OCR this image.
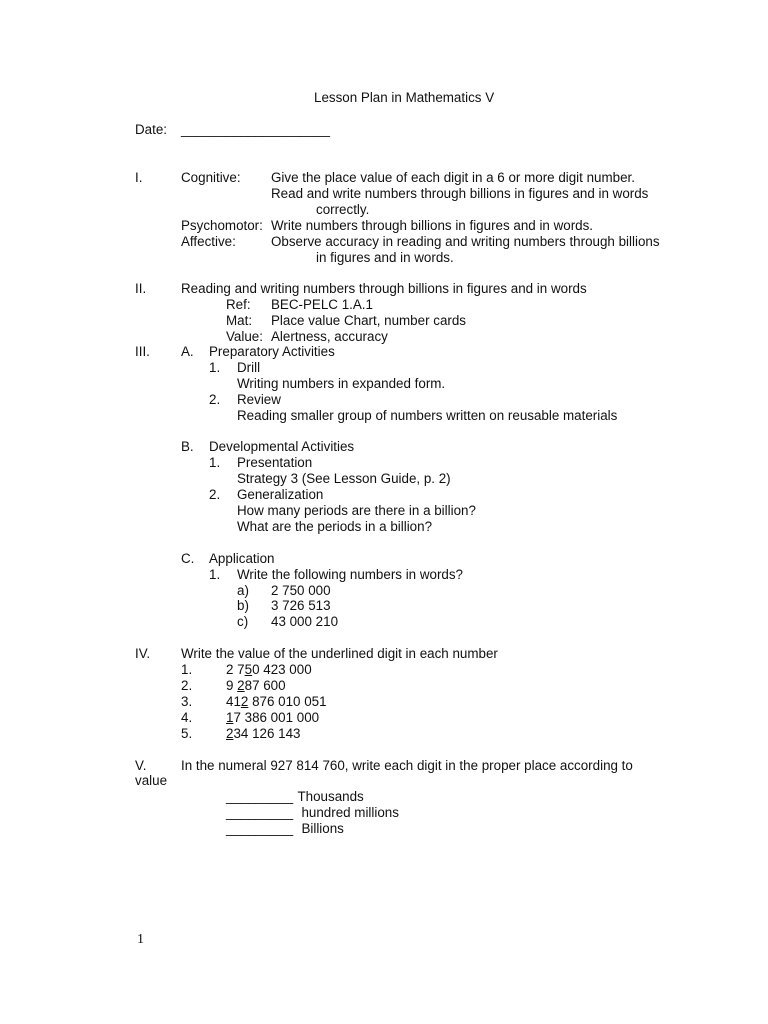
Lesson Plan in Mathematics V
Date: ____________________
I.	Cognitive: Give the place value of each digit in a 6 or more digit number.
Read and write numbers through billions in figures and in words
correctly.
Psychomotor: Write numbers through billions in figures and in words.
Affective:	Observe accuracy in reading and writing numbers through billions
in figures and in words.
II.	Reading and writing numbers through billions in figures and in words
Ref: BEC-PELC 1.A.1
Mat: Place value Chart, number cards
Value: Alertness, accuracy
III. A. Preparatory Activities
1. Drill
Writing numbers in expanded form.
2. Review
Reading smaller group of numbers written on reusable materials
B. Developmental Activities
1. Presentation
Strategy 3 (See Lesson Guide, p. 2)
2. Generalization
How many periods are there in a billion?
What are the periods in a billion?
C. Application
1. Write the following numbers in words?
a) 2 750 000
b) 3 726 513
c) 43 000 210
IV. Write the value of the underlined digit in each number
1.	2 750 423 000
2.	9 287 600
3.	412 876 010 051
4.	17 386 001 000
5.	234 126 143
V.	In the numeral 927 814 760, write each digit in the proper place according to
value
_________ Thousands
_________ hundred millions
_________ Billions
1
